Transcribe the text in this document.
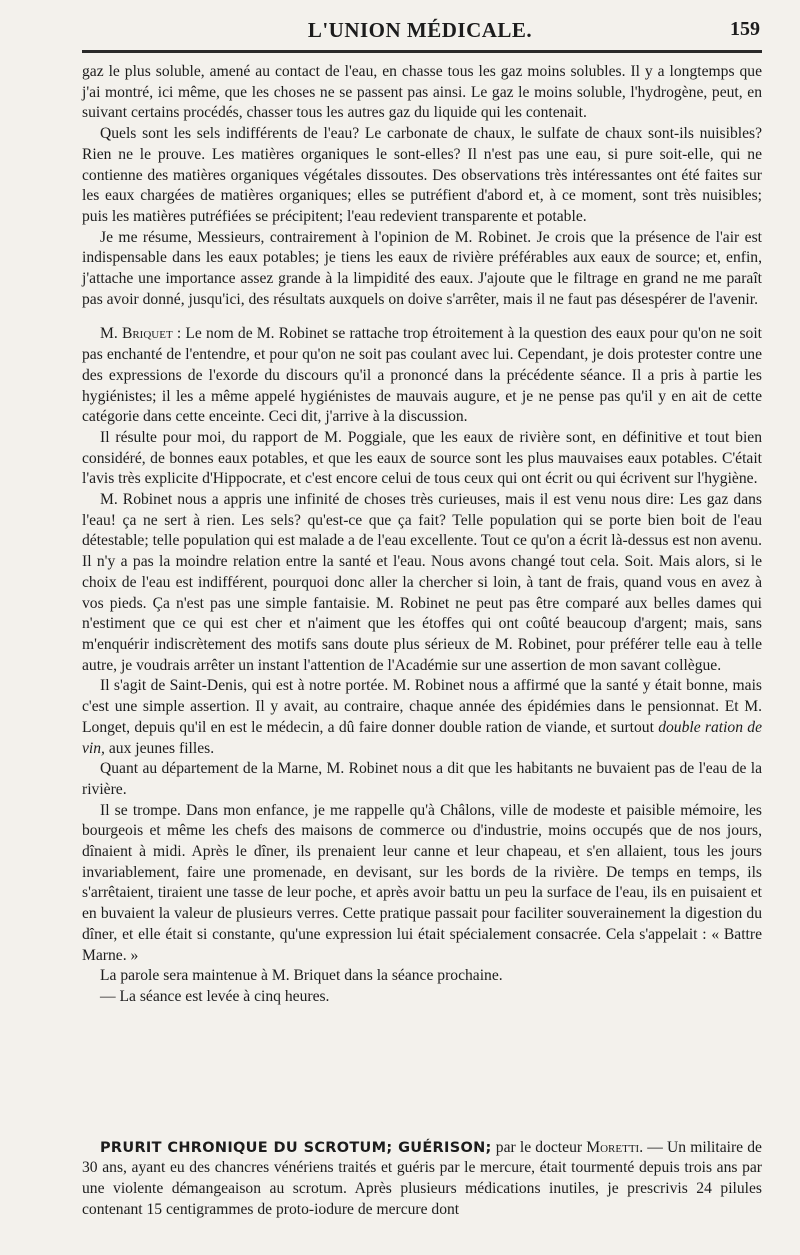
L'UNION MÉDICALE.	159

gaz le plus soluble, amené au contact de l'eau, en chasse tous les gaz moins solubles. Il y a longtemps que j'ai montré, ici même, que les choses ne se passent pas ainsi. Le gaz le moins soluble, l'hydrogène, peut, en suivant certains procédés, chasser tous les autres gaz du liquide qui les contenait.

Quels sont les sels indifférents de l'eau? Le carbonate de chaux, le sulfate de chaux sont-ils nuisibles? Rien ne le prouve. Les matières organiques le sont-elles? Il n'est pas une eau, si pure soit-elle, qui ne contienne des matières organiques végétales dissoutes. Des observations très intéressantes ont été faites sur les eaux chargées de matières organiques; elles se putréfient d'abord et, à ce moment, sont très nuisibles; puis les matières putréfiées se précipitent; l'eau redevient transparente et potable.

Je me résume, Messieurs, contrairement à l'opinion de M. Robinet. Je crois que la présence de l'air est indispensable dans les eaux potables; je tiens les eaux de rivière préférables aux eaux de source; et, enfin, j'attache une importance assez grande à la limpidité des eaux. J'ajoute que le filtrage en grand ne me paraît pas avoir donné, jusqu'ici, des résultats auxquels on doive s'arrêter, mais il ne faut pas désespérer de l'avenir.

M. Briquet : Le nom de M. Robinet se rattache trop étroitement à la question des eaux pour qu'on ne soit pas enchanté de l'entendre, et pour qu'on ne soit pas coulant avec lui. Cependant, je dois protester contre une des expressions de l'exorde du discours qu'il a prononcé dans la précédente séance. Il a pris à partie les hygiénistes; il les a même appelé hygiénistes de mauvais augure, et je ne pense pas qu'il y en ait de cette catégorie dans cette enceinte. Ceci dit, j'arrive à la discussion.

Il résulte pour moi, du rapport de M. Poggiale, que les eaux de rivière sont, en définitive et tout bien considéré, de bonnes eaux potables, et que les eaux de source sont les plus mauvaises eaux potables. C'était l'avis très explicite d'Hippocrate, et c'est encore celui de tous ceux qui ont écrit ou qui écrivent sur l'hygiène.

M. Robinet nous a appris une infinité de choses très curieuses, mais il est venu nous dire: Les gaz dans l'eau! ça ne sert à rien. Les sels? qu'est-ce que ça fait? Telle population qui se porte bien boit de l'eau détestable; telle population qui est malade a de l'eau excellente. Tout ce qu'on a écrit là-dessus est non avenu. Il n'y a pas la moindre relation entre la santé et l'eau. Nous avons changé tout cela. Soit. Mais alors, si le choix de l'eau est indifférent, pourquoi donc aller la chercher si loin, à tant de frais, quand vous en avez à vos pieds. Ça n'est pas une simple fantaisie. M. Robinet ne peut pas être comparé aux belles dames qui n'estiment que ce qui est cher et n'aiment que les étoffes qui ont coûté beaucoup d'argent; mais, sans m'enquérir indiscrètement des motifs sans doute plus sérieux de M. Robinet, pour préférer telle eau à telle autre, je voudrais arrêter un instant l'attention de l'Académie sur une assertion de mon savant collègue.

Il s'agit de Saint-Denis, qui est à notre portée. M. Robinet nous a affirmé que la santé y était bonne, mais c'est une simple assertion. Il y avait, au contraire, chaque année des épidémies dans le pensionnat. Et M. Longet, depuis qu'il en est le médecin, a dû faire donner double ration de viande, et surtout double ration de vin, aux jeunes filles.

Quant au département de la Marne, M. Robinet nous a dit que les habitants ne buvaient pas de l'eau de la rivière.

Il se trompe. Dans mon enfance, je me rappelle qu'à Châlons, ville de modeste et paisible mémoire, les bourgeois et même les chefs des maisons de commerce ou d'industrie, moins occupés que de nos jours, dînaient à midi. Après le dîner, ils prenaient leur canne et leur chapeau, et s'en allaient, tous les jours invariablement, faire une promenade, en devisant, sur les bords de la rivière. De temps en temps, ils s'arrêtaient, tiraient une tasse de leur poche, et après avoir battu un peu la surface de l'eau, ils en puisaient et en buvaient la valeur de plusieurs verres. Cette pratique passait pour faciliter souverainement la digestion du dîner, et elle était si constante, qu'une expression lui était spécialement consacrée. Cela s'appelait : « Battre Marne. »

La parole sera maintenue à M. Briquet dans la séance prochaine.

— La séance est levée à cinq heures.

PRURIT CHRONIQUE DU SCROTUM; GUÉRISON; par le docteur Moretti. — Un militaire de 30 ans, ayant eu des chancres vénériens traités et guéris par le mercure, était tourmenté depuis trois ans par une violente démangeaison au scrotum. Après plusieurs médications inutiles, je prescrivis 24 pilules contenant 15 centigrammes de proto-iodure de mercure dont
